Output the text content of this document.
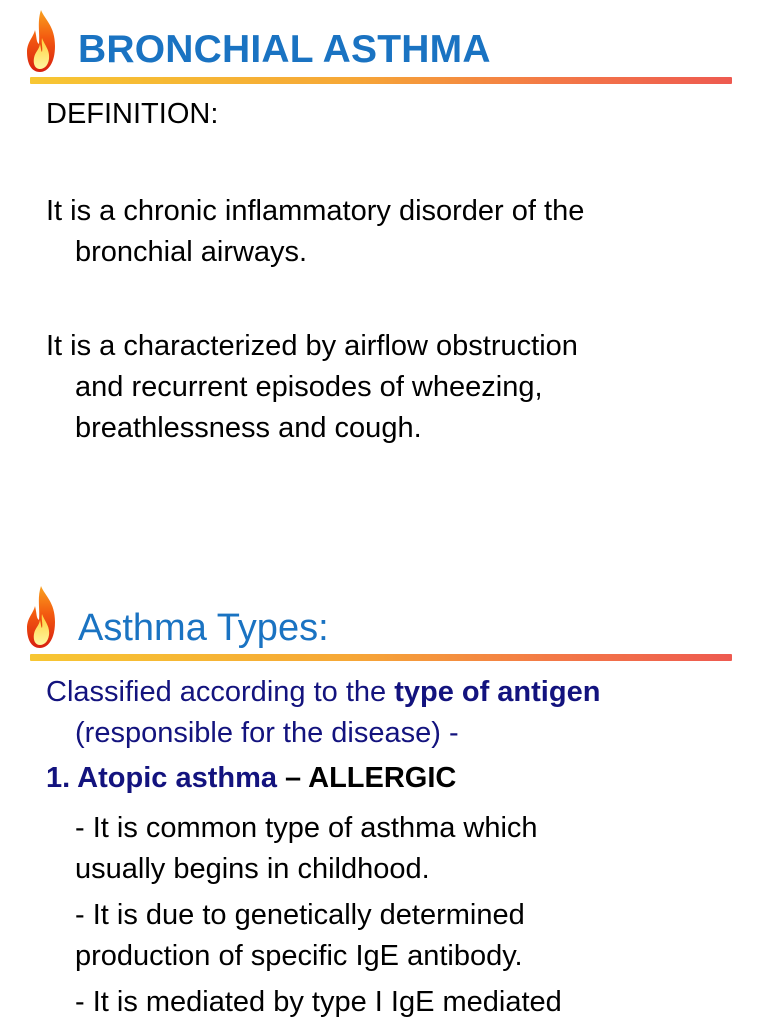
BRONCHIAL ASTHMA
DEFINITION:
It is a chronic inflammatory disorder of the
bronchial airways.
It is a characterized by airflow obstruction
and recurrent episodes of wheezing,
breathlessness and cough.
Asthma Types:
Classified according to the type of antigen
(responsible for the disease) -
1. Atopic asthma – ALLERGIC
- It is common type of asthma which
usually begins in childhood.
- It is due to genetically determined
production of specific IgE antibody.
- It is mediated by type I IgE mediated
